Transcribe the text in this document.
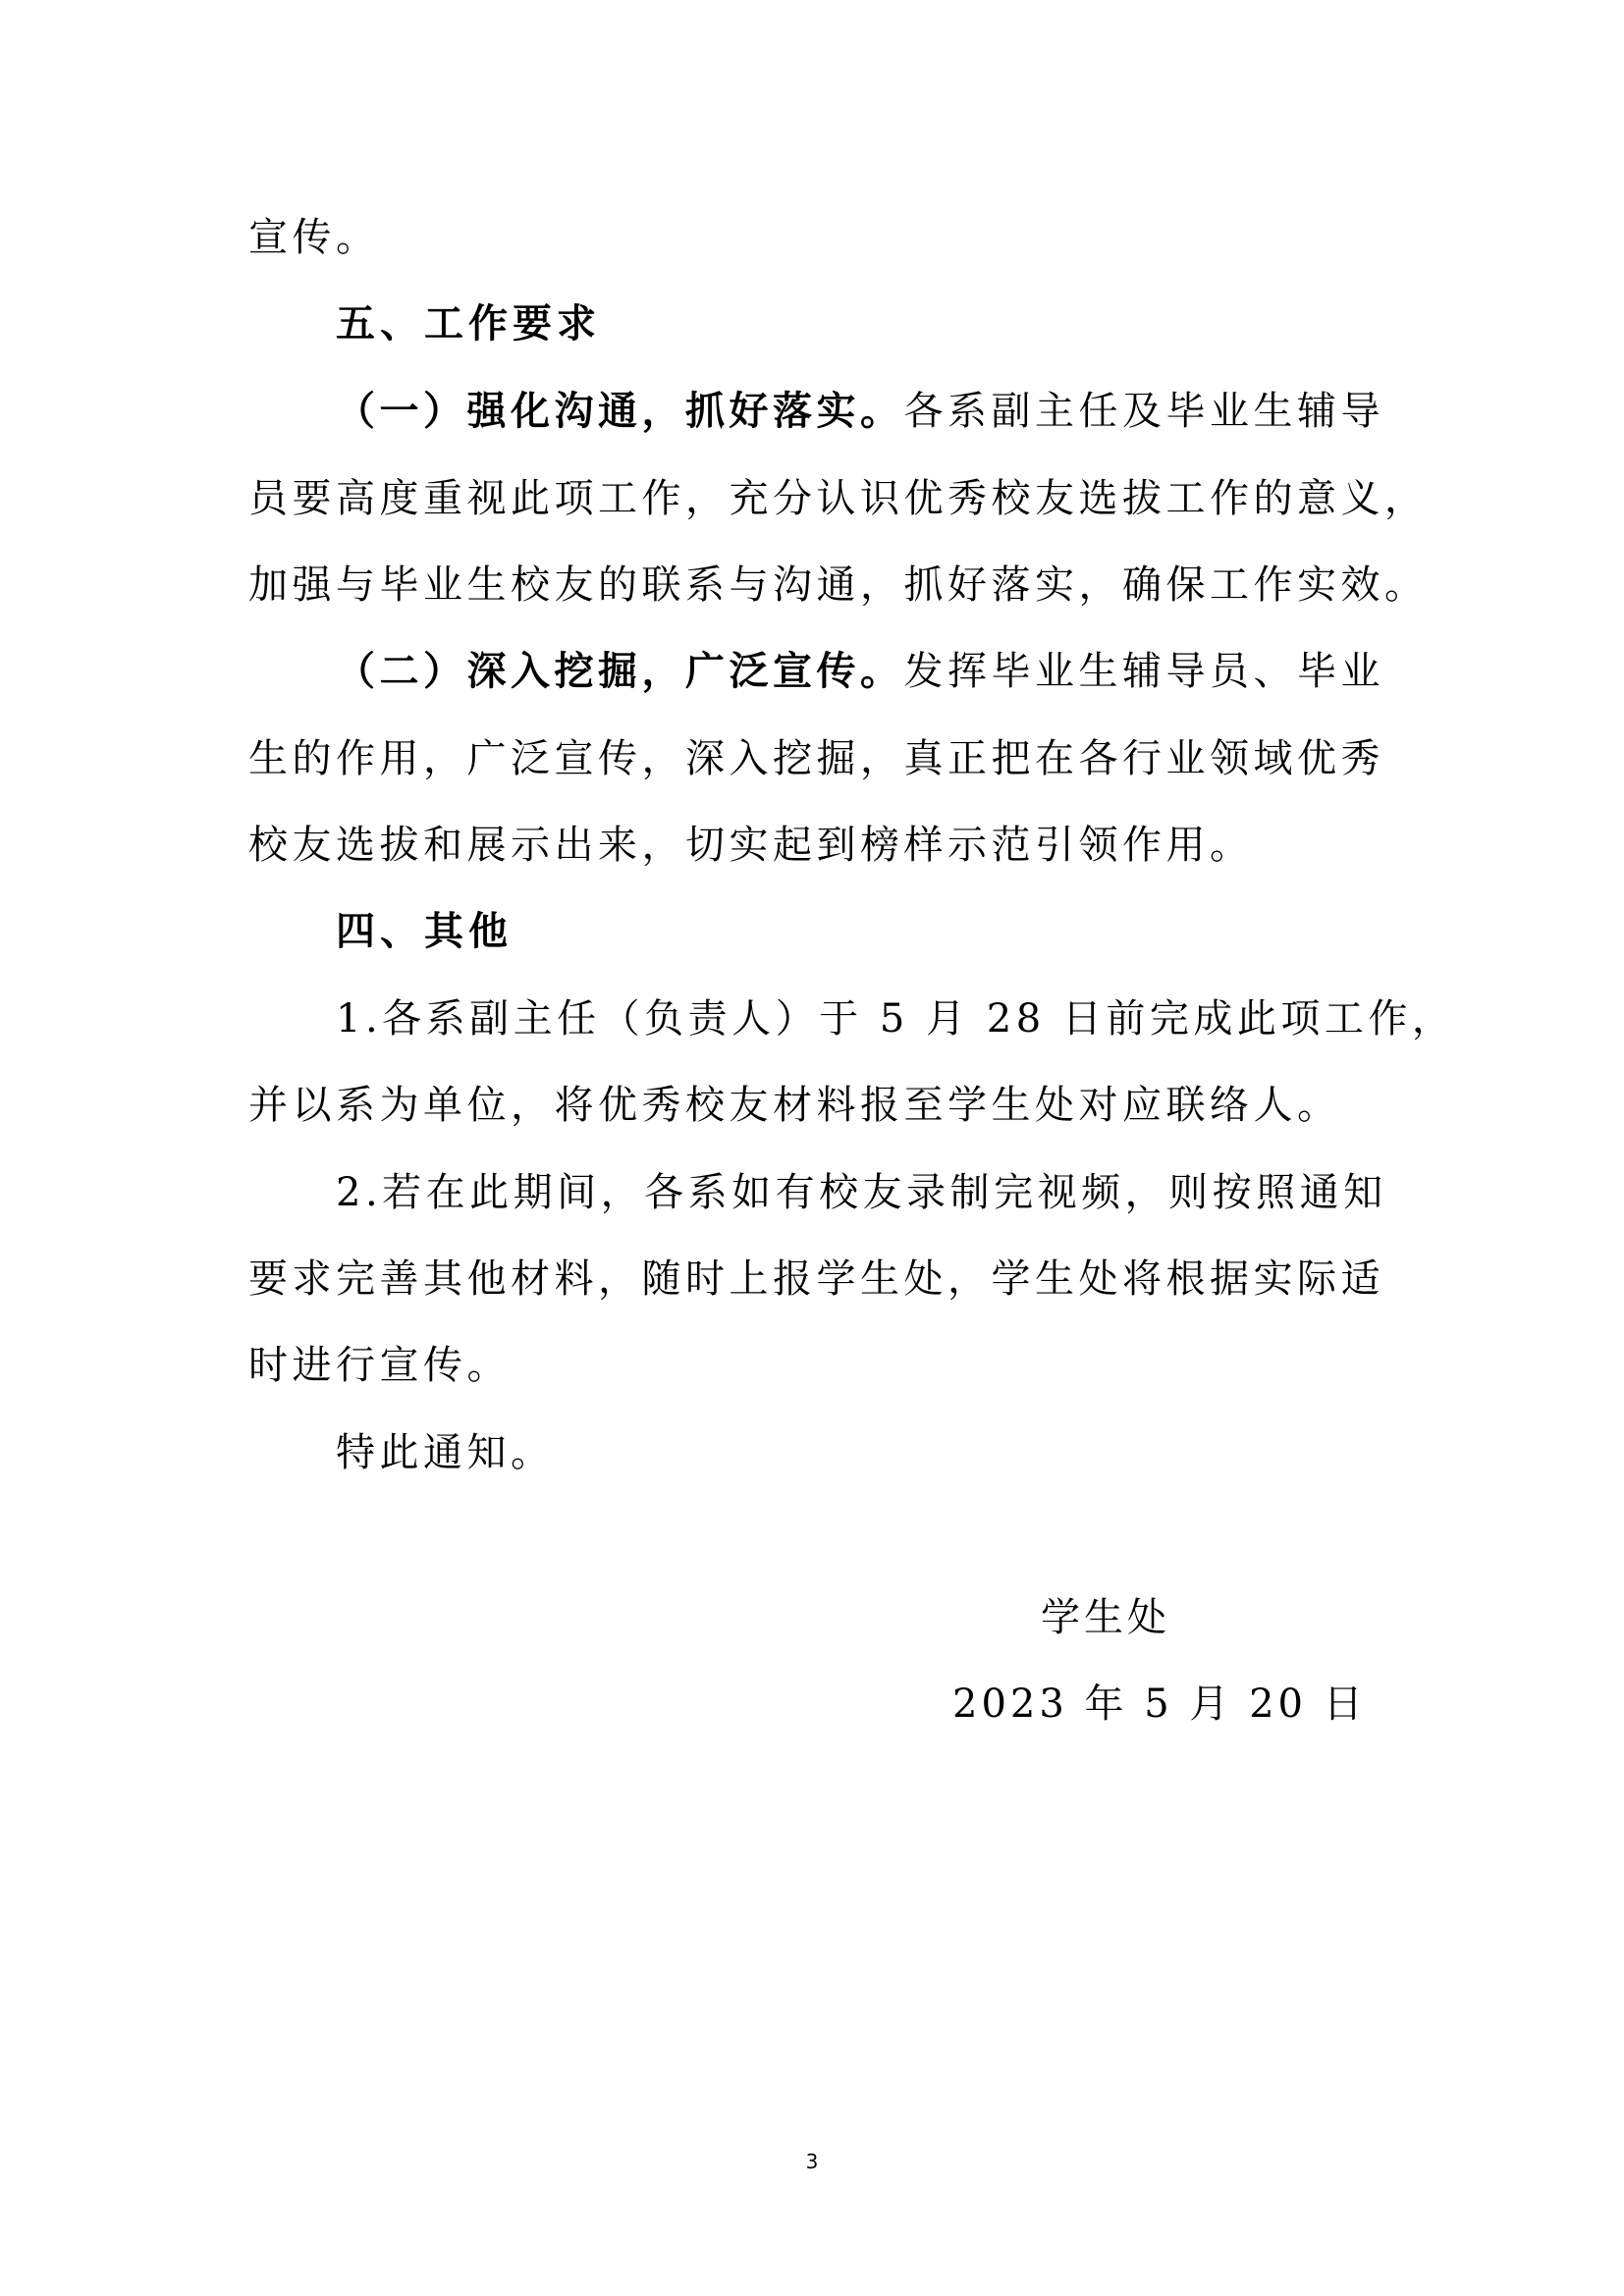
宣传。

五、工作要求

（一）强化沟通，抓好落实。各系副主任及毕业生辅导

员要高度重视此项工作，充分认识优秀校友选拔工作的意义，

加强与毕业生校友的联系与沟通，抓好落实，确保工作实效。

（二）深入挖掘，广泛宣传。发挥毕业生辅导员、毕业

生的作用，广泛宣传，深入挖掘，真正把在各行业领域优秀

校友选拔和展示出来，切实起到榜样示范引领作用。

四、其他

1.各系副主任（负责人）于 5 月 28 日前完成此项工作，

并以系为单位，将优秀校友材料报至学生处对应联络人。

2.若在此期间，各系如有校友录制完视频，则按照通知

要求完善其他材料，随时上报学生处，学生处将根据实际适

时进行宣传。

特此通知。

学生处
2023 年 5 月 20 日
3
